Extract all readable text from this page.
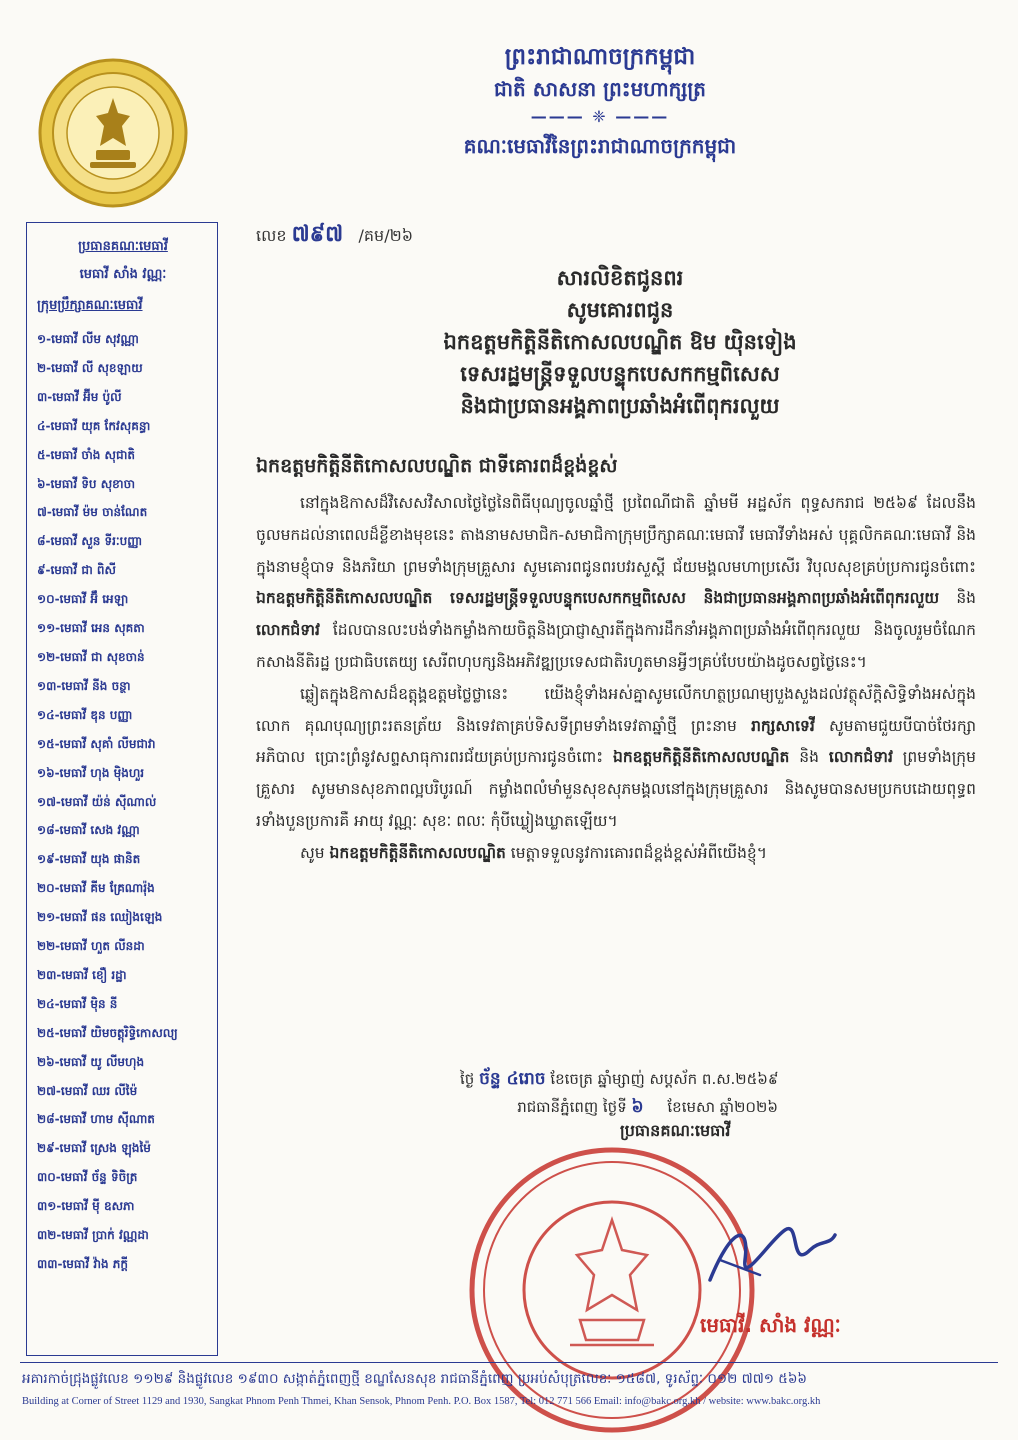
ព្រះរាជាណាចក្រកម្ពុជា
ជាតិ សាសនា ព្រះមហាក្សត្រ
——— ❈ ———
គណៈមេធាវីនៃព្រះរាជាណាចក្រកម្ពុជា
ប្រធានគណៈមេធាវី
មេធាវី សាំង វណ្ណៈ
ក្រុមប្រឹក្សាគណៈមេធាវី
១-មេធាវី លីម សុវណ្ណា
២-មេធាវី លី សុខឡាយ
៣-មេធាវី អ៊ីម ប៉ូលី
៤-មេធាវី យុគ កែវសុគន្ធា
៥-មេធាវី ចាំង សុជាតិ
៦-មេធាវី ទិប សុខាចា
៧-មេធាវី ម៉ម ចាន់ណែត
៨-មេធាវី សួន ទីរៈបញ្ញា
៩-មេធាវី ជា ពិសី
១០-មេធាវី អ៊ឹ អេឡា
១១-មេធាវី អេន សុគតា
១២-មេធាវី ជា សុខចាន់
១៣-មេធាវី នីង ចន្ថា
១៤-មេធាវី ឌុន បញ្ញា
១៥-មេធាវី សុគាំ លីមជាវា
១៦-មេធាវី ហុង ម៉ិងហួរ
១៧-មេធាវី យ៉ន់ ស៊ីណាល់
១៨-មេធាវី សេង វណ្ណា
១៩-មេធាវី យុង ផានិត
២០-មេធាវី គីម គ្រែណារ៉ុង
២១-មេធាវី ផន ឈៀងឡេង
២២-មេធាវី ហួត លីនដា
២៣-មេធាវី ខឿ រដ្ឋា
២៤-មេធាវី ម៉ិន នី
២៥-មេធាវី យិមចត្តុរិទ្ធិកោសល្យ
២៦-មេធាវី យូ លីមហុង
២៧-មេធាវី ឈរ លីម៉ៃ
២៨-មេធាវី ហាម ស៊ីណាត
២៩-មេធាវី ស្រេង ឡុងម៉ៃ
៣០-មេធាវី ច័ន្ទ ទិចិត្រ
៣១-មេធាវី ម៉ី ឧសភា
៣២-មេធាវី ប្រាក់ វណ្ណដា
៣៣-មេធាវី វ៉ាង ភក្ដី
លេខ ៧៩៧ /គម/២៦
សារលិខិតជូនពរ
សូមគោរពជូន
ឯកឧត្តមកិត្តិនីតិកោសលបណ្ឌិត ឱម យ៉ិនទៀង
ទេសរដ្ឋមន្ត្រីទទួលបន្ទុកបេសកកម្មពិសេស
និងជាប្រធានអង្គភាពប្រឆាំងអំពើពុករលួយ
ឯកឧត្តមកិត្តិនីតិកោសលបណ្ឌិត ជាទីគោរពដ៏ខ្ពង់ខ្ពស់

នៅក្នុងឱកាសដ៏វិសេសវិសាលថ្ងៃថ្លៃនៃពិធីបុណ្យចូលឆ្នាំថ្មី ប្រពៃណីជាតិ ឆ្នាំមមី អដ្ឋស័ក ពុទ្ធសករាជ ២៥៦៩ ដែលនឹងចូលមកដល់នាពេលដ៏ខ្លីខាងមុខនេះ តាងនាមសមាជិក-សមាជិកាក្រុមប្រឹក្សាគណៈមេធាវី មេធាវីទាំងអស់ បុគ្គលិកគណៈមេធាវី និងក្នុងនាមខ្ញុំបាទ និងភរិយា ព្រមទាំងក្រុមគ្រួសារ សូមគោរពជូនពរបវរសួស្តី ជ័យមង្គលមហាប្រសើរ វិបុលសុខគ្រប់ប្រការជូនចំពោះ ឯកឧត្តមកិត្តិនីតិកោសលបណ្ឌិត ទេសរដ្ឋមន្ត្រីទទួលបន្ទុកបេសកកម្មពិសេស និងជាប្រធានអង្គភាពប្រឆាំងអំពើពុករលួយ និង លោកជំទាវ ដែលបានលះបង់ទាំងកម្លាំងកាយចិត្តនិងប្រាជ្ញាស្មារតីក្នុងការដឹកនាំអង្គភាពប្រឆាំងអំពើពុករលួយ និងចូលរួមចំណែកកសាងនីតិរដ្ឋ ប្រជាធិបតេយ្យ សេរីពហុបក្សនិងអភិវឌ្ឍប្រទេសជាតិរហូតមានអ្វីៗគ្រប់បែបយ៉ាងដូចសព្វថ្ងៃនេះ។

ឆ្លៀតក្នុងឱកាសដ៏ឧត្តុង្គឧត្តមថ្លៃថ្លានេះ យើងខ្ញុំទាំងអស់គ្នាសូមលើកហត្ថប្រណម្យបួងសួងដល់វត្ថុស័ក្តិសិទ្ធិទាំងអស់ក្នុងលោក គុណបុណ្យព្រះរតនត្រ័យ និងទេវតាគ្រប់ទិសទីព្រមទាំងទេវតាឆ្នាំថ្មី ព្រះនាម រាក្សសាទេវី សូមតាមជួយបីបាច់ថែរក្សាអភិបាល ប្រោះព្រំនូវសព្ទសាធុការពរជ័យគ្រប់ប្រការជូនចំពោះ ឯកឧត្តមកិត្តិនីតិកោសលបណ្ឌិត និង លោកជំទាវ ព្រមទាំងក្រុមគ្រួសារ សូមមានសុខភាពល្អបរិបូរណ៍ កម្លាំងពលំមាំមួនសុខសុភមង្គលនៅក្នុងក្រុមគ្រួសារ និងសូមបានសមប្រកបដោយពុទ្ធពរទាំងបួនប្រការគឺ អាយុ វណ្ណៈ សុខៈ ពលៈ កុំបីឃ្លៀងឃ្លាតឡើយ។

សូម ឯកឧត្តមកិត្តិនីតិកោសលបណ្ឌិត មេត្តាទទួលនូវការគោរពដ៏ខ្ពង់ខ្ពស់អំពីយើងខ្ញុំ។

ថ្ងៃ ច័ន្ទ ៤រោច ខែចេត្រ ឆ្នាំម្សាញ់ សប្តស័ក ព.ស.២៥៦៩
រាជធានីភ្នំពេញ ថ្ងៃទី ៦ ខែមេសា ឆ្នាំ២០២៦
ប្រធានគណៈមេធាវី
មេធាវី. សាំង វណ្ណៈ
អគារកាច់ជ្រុងផ្លូវលេខ ១១២៩ និងផ្លូវលេខ ១៩៣០ សង្កាត់ភ្នំពេញថ្មី ខណ្ឌសែនសុខ រាជធានីភ្នំពេញ ប្រអប់សំបុត្រលេខៈ ១៥៨៧, ទូរស័ព្ទៈ ០១២ ៧៧១ ៥៦៦
Building at Corner of Street 1129 and 1930, Sangkat Phnom Penh Thmei, Khan Sensok, Phnom Penh. P.O. Box 1587, Tel: 012 771 566 Email: info@bakc.org.kh / website: www.bakc.org.kh
